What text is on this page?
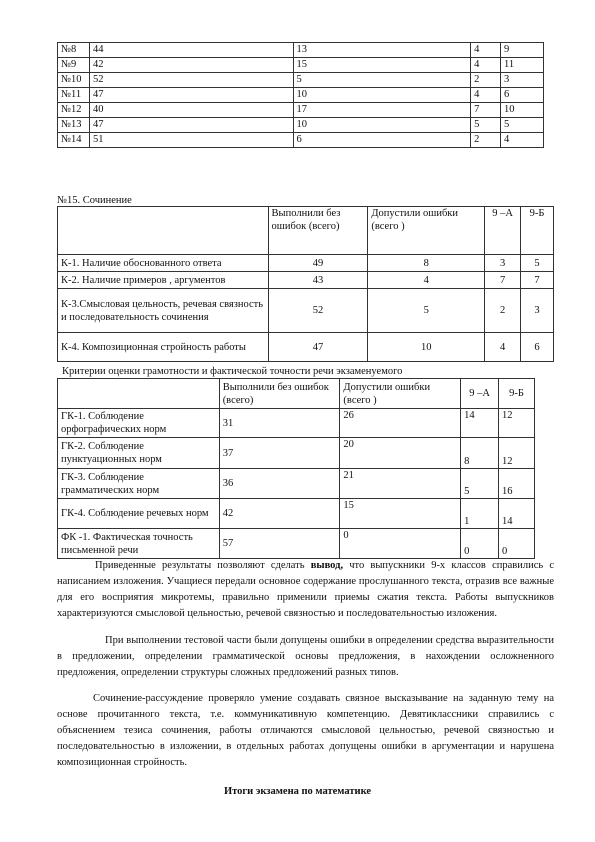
№8	44	13	4	9
№9	42	15	4	11
№10	52	5	2	3
№11	47	10	4	6
№12	40	17	7	10
№13	47	10	5	5
№14	51	6	2	4
№15. Сочинение
	Выполнили без ошибок (всего)	Допустили ошибки (всего )	9 –А	9-Б
К-1. Наличие обоснованного ответа	49	8	3	5
К-2. Наличие примеров , аргументов	43	4	7	7
К-3.Смысловая цельность, речевая связность и последовательность сочинения	52	5	2	3
К-4. Композиционная стройность работы	47	10	4	6
Критерии оценки грамотности и фактической точности речи экзаменуемого
	Выполнили без ошибок (всего)	Допустили ошибки (всего )	9 –А	9-Б
ГК-1. Соблюдение орфографических норм	31	26	14	12
ГК-2. Соблюдение пунктуационных норм	37	20	8	12
ГК-3. Соблюдение грамматических норм	36	21	5	16
ГК-4. Соблюдение речевых норм	42	15	1	14
ФК -1. Фактическая точность письменной речи	57	0	0	0

Приведенные результаты позволяют сделать вывод, что выпускники 9-х классов справились с написанием изложения. Учащиеся передали основное содержание прослушанного текста, отразив все важные для его восприятия микротемы, правильно применили приемы сжатия текста. Работы выпускников характеризуются смысловой цельностью, речевой связностью и последовательностью изложения.

При выполнении тестовой части были допущены ошибки в определении средства выразительности в предложении, определении грамматической основы предложения, в нахождении осложненного предложения, определении структуры сложных предложений разных типов.

Сочинение-рассуждение проверяло умение создавать связное высказывание на заданную тему на основе прочитанного текста, т.е. коммуникативную компетенцию. Девятиклассники справились с объяснением тезиса сочинения, работы отличаются смысловой цельностью, речевой связностью и последовательностью в изложении, в отдельных работах допущены ошибки в аргументации и нарушена композиционная стройность.

Итоги экзамена по математике
